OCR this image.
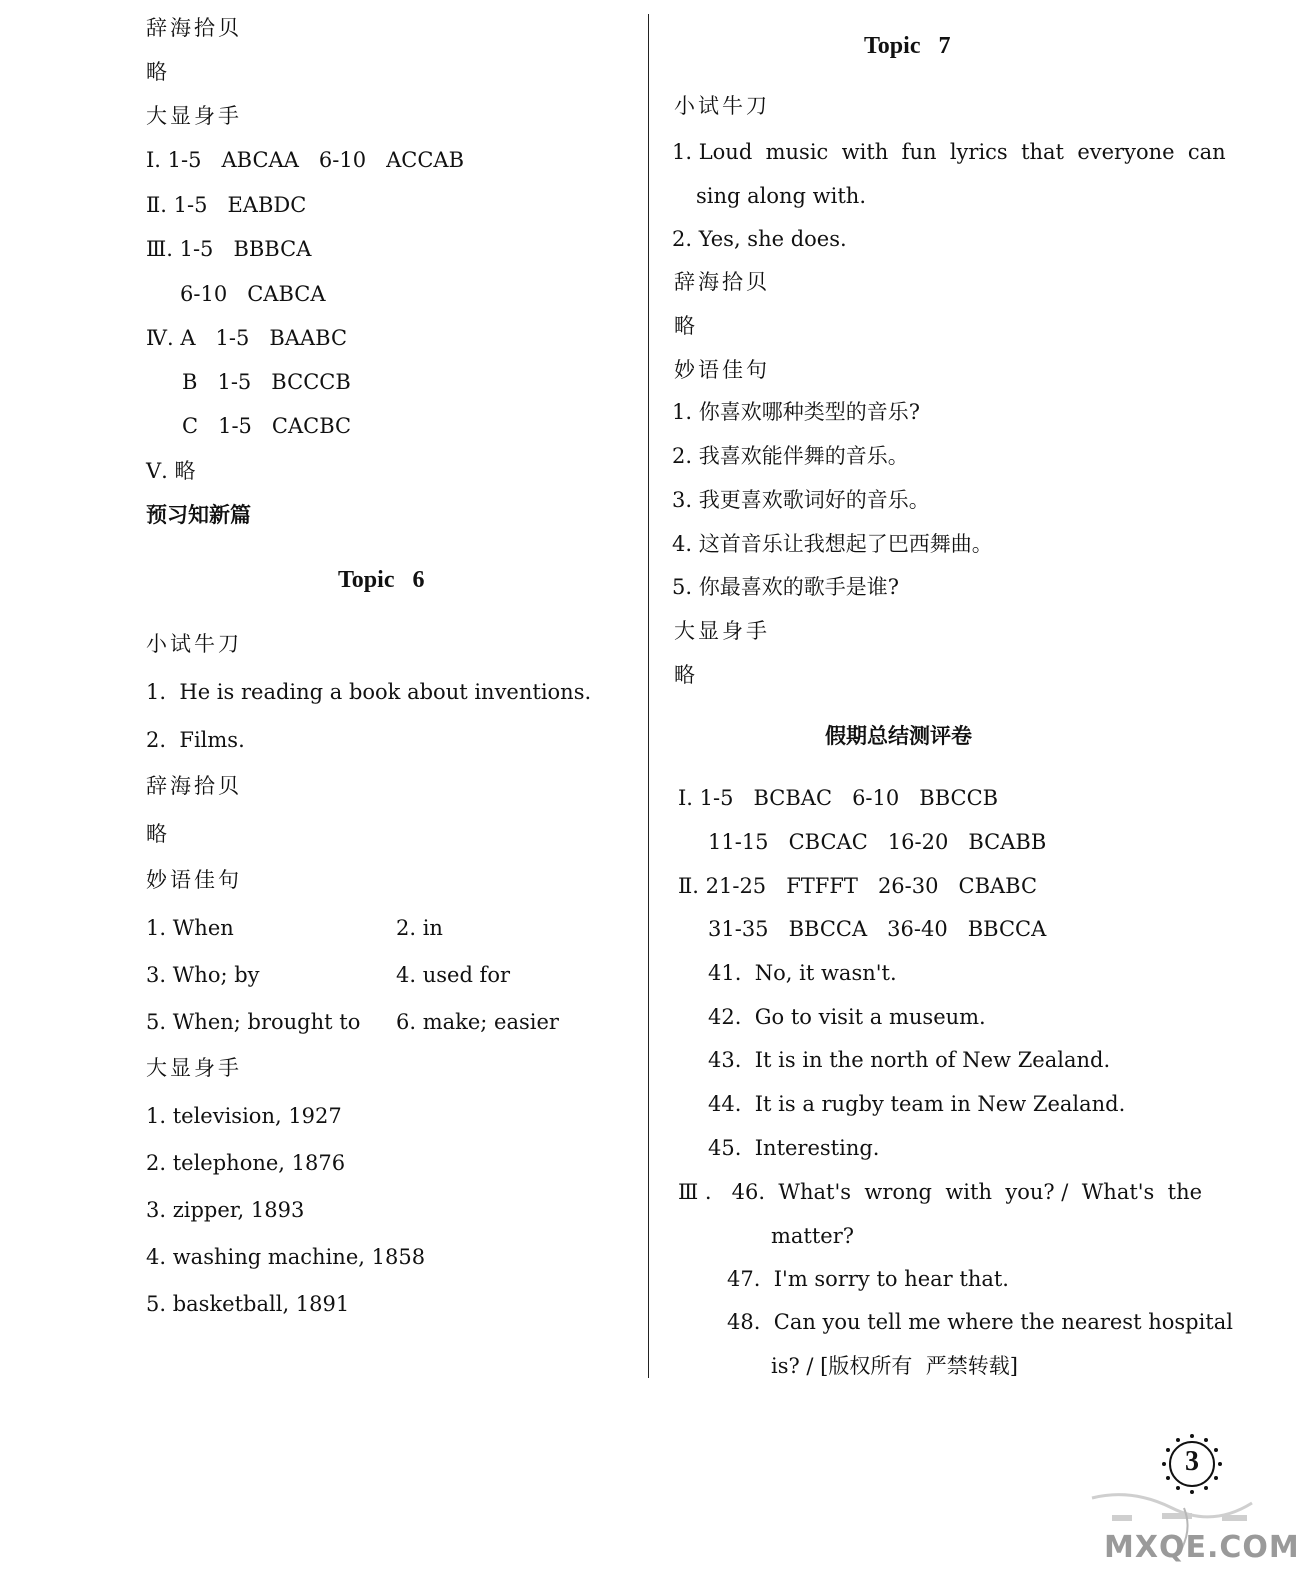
辞海拾贝
略
大显身手
Ⅰ. 1-5   ABCAA   6-10   ACCAB
Ⅱ. 1-5   EABDC
Ⅲ. 1-5   BBBCA
6-10   CABCA
Ⅳ. A   1-5   BAABC
B   1-5   BCCCB
C   1-5   CACBC
Ⅴ. 略
预习知新篇
Topic   6
小试牛刀
1.  He is reading a book about inventions.
2.  Films.
辞海拾贝
略
妙语佳句
1. When	2. in
3. Who; by	4. used for
5. When; brought to 6. make; easier
大显身手
1. television, 1927
2. telephone, 1876
3. zipper, 1893
4. washing machine, 1858
5. basketball, 1891
Topic   7
小试牛刀
1. Loud  music  with  fun  lyrics  that  everyone  can
sing along with.
2. Yes, she does.
辞海拾贝
略
妙语佳句
1. 你喜欢哪种类型的音乐?
2. 我喜欢能伴舞的音乐。
3. 我更喜欢歌词好的音乐。
4. 这首音乐让我想起了巴西舞曲。
5. 你最喜欢的歌手是谁?
大显身手
略
假期总结测评卷
Ⅰ. 1-5   BCBAC   6-10   BBCCB
11-15   CBCAC   16-20   BCABB
Ⅱ. 21-25   FTFFT   26-30   CBABC
31-35   BBCCA   36-40   BBCCA
41.  No, it wasn't.
42.  Go to visit a museum.
43.  It is in the north of New Zealand.
44.  It is a rugby team in New Zealand.
45.  Interesting.
Ⅲ .   46.  What's  wrong  with  you? /  What's  the
matter?
47.  I'm sorry to hear that.
48.  Can you tell me where the nearest hospital
is? / [版权所有  严禁转载]
3
MXQE.COM
